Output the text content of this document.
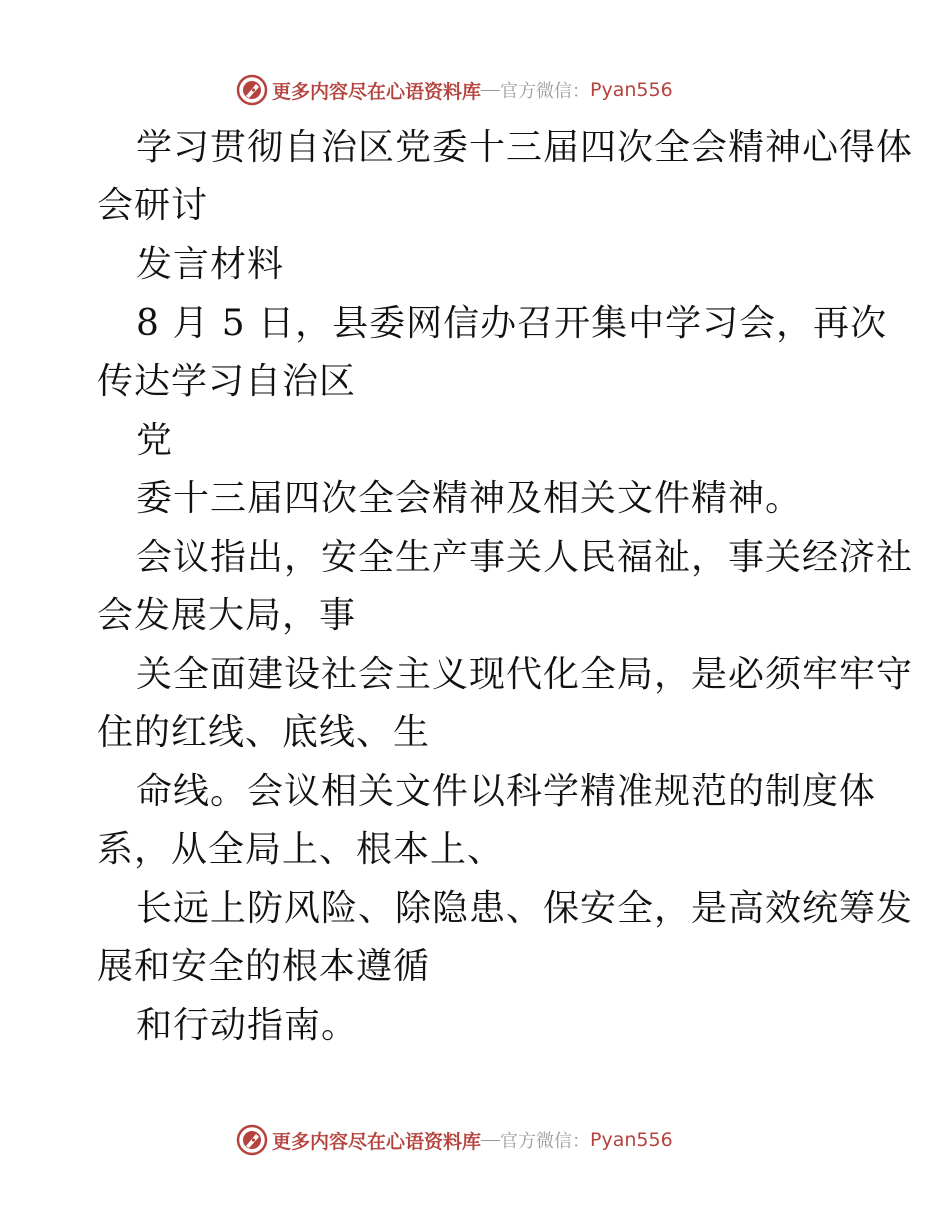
更多内容尽在心语资料库 — 官方微信： Pyan556
学习贯彻自治区党委十三届四次全会精神心得体
会研讨
发言材料
8 月 5 日，县委网信办召开集中学习会，再次
传达学习自治区
党
委十三届四次全会精神及相关文件精神。
会议指出，安全生产事关人民福祉，事关经济社
会发展大局，事
关全面建设社会主义现代化全局，是必须牢牢守
住的红线、底线、生
命线。会议相关文件以科学精准规范的制度体
系，从全局上、根本上、
长远上防风险、除隐患、保安全，是高效统筹发
展和安全的根本遵循
和行动指南。
更多内容尽在心语资料库 — 官方微信： Pyan556
